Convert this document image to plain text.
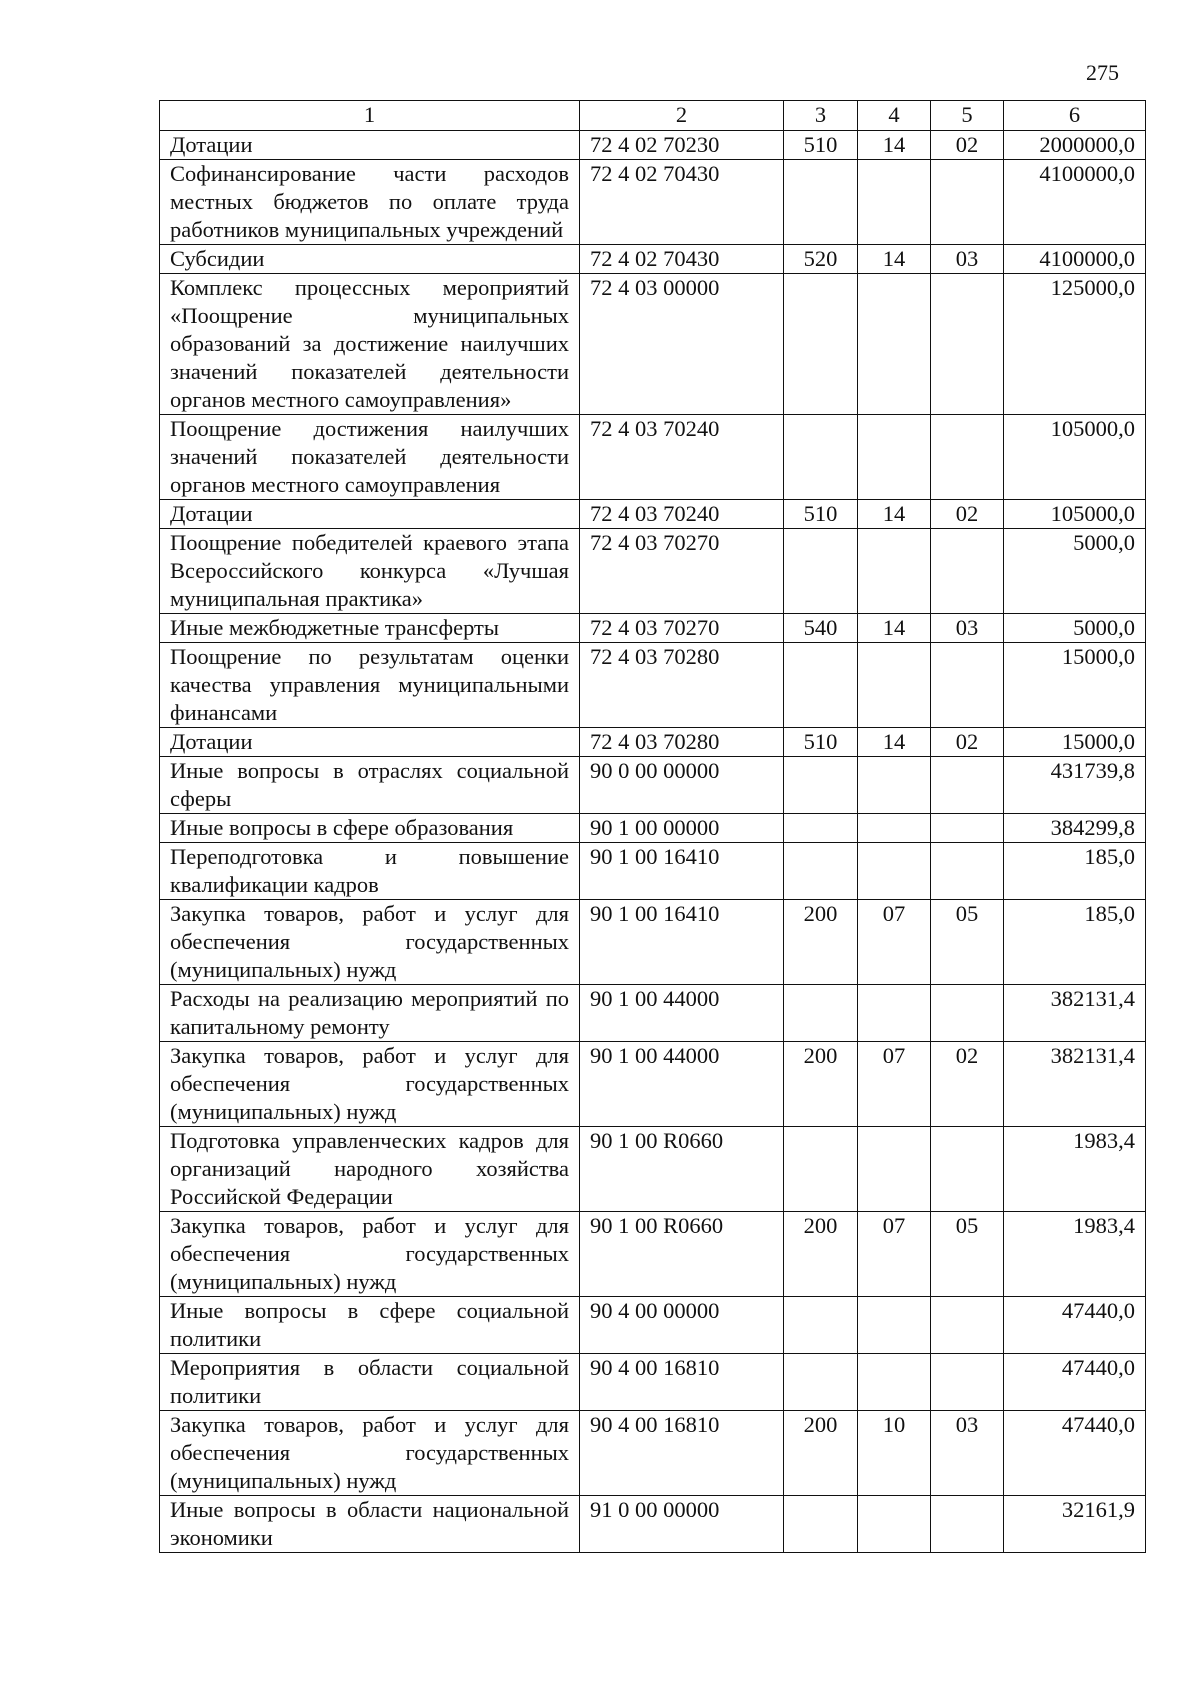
275
1	2	3	4	5	6
Дотации	72 4 02 70230	510	14	02	2000000,0
Софинансирование части расходов местных бюджетов по оплате труда работников муниципальных учреждений	72 4 02 70430				4100000,0
Субсидии	72 4 02 70430	520	14	03	4100000,0
Комплекс процессных мероприятий «Поощрение муниципальных образований за достижение наилучших значений показателей деятельности органов местного самоуправления»	72 4 03 00000				125000,0
Поощрение достижения наилучших значений показателей деятельности органов местного самоуправления	72 4 03 70240				105000,0
Дотации	72 4 03 70240	510	14	02	105000,0
Поощрение победителей краевого этапа Всероссийского конкурса «Лучшая муниципальная практика»	72 4 03 70270				5000,0
Иные межбюджетные трансферты	72 4 03 70270	540	14	03	5000,0
Поощрение по результатам оценки качества управления муниципальными финансами	72 4 03 70280				15000,0
Дотации	72 4 03 70280	510	14	02	15000,0
Иные вопросы в отраслях социальной сферы	90 0 00 00000				431739,8
Иные вопросы в сфере образования	90 1 00 00000				384299,8
Переподготовка и повышение квалификации кадров	90 1 00 16410				185,0
Закупка товаров, работ и услуг для обеспечения государственных (муниципальных) нужд	90 1 00 16410	200	07	05	185,0
Расходы на реализацию мероприятий по капитальному ремонту	90 1 00 44000				382131,4
Закупка товаров, работ и услуг для обеспечения государственных (муниципальных) нужд	90 1 00 44000	200	07	02	382131,4
Подготовка управленческих кадров для организаций народного хозяйства Российской Федерации	90 1 00 R0660				1983,4
Закупка товаров, работ и услуг для обеспечения государственных (муниципальных) нужд	90 1 00 R0660	200	07	05	1983,4
Иные вопросы в сфере социальной политики	90 4 00 00000				47440,0
Мероприятия в области социальной политики	90 4 00 16810				47440,0
Закупка товаров, работ и услуг для обеспечения государственных (муниципальных) нужд	90 4 00 16810	200	10	03	47440,0
Иные вопросы в области национальной экономики	91 0 00 00000				32161,9
